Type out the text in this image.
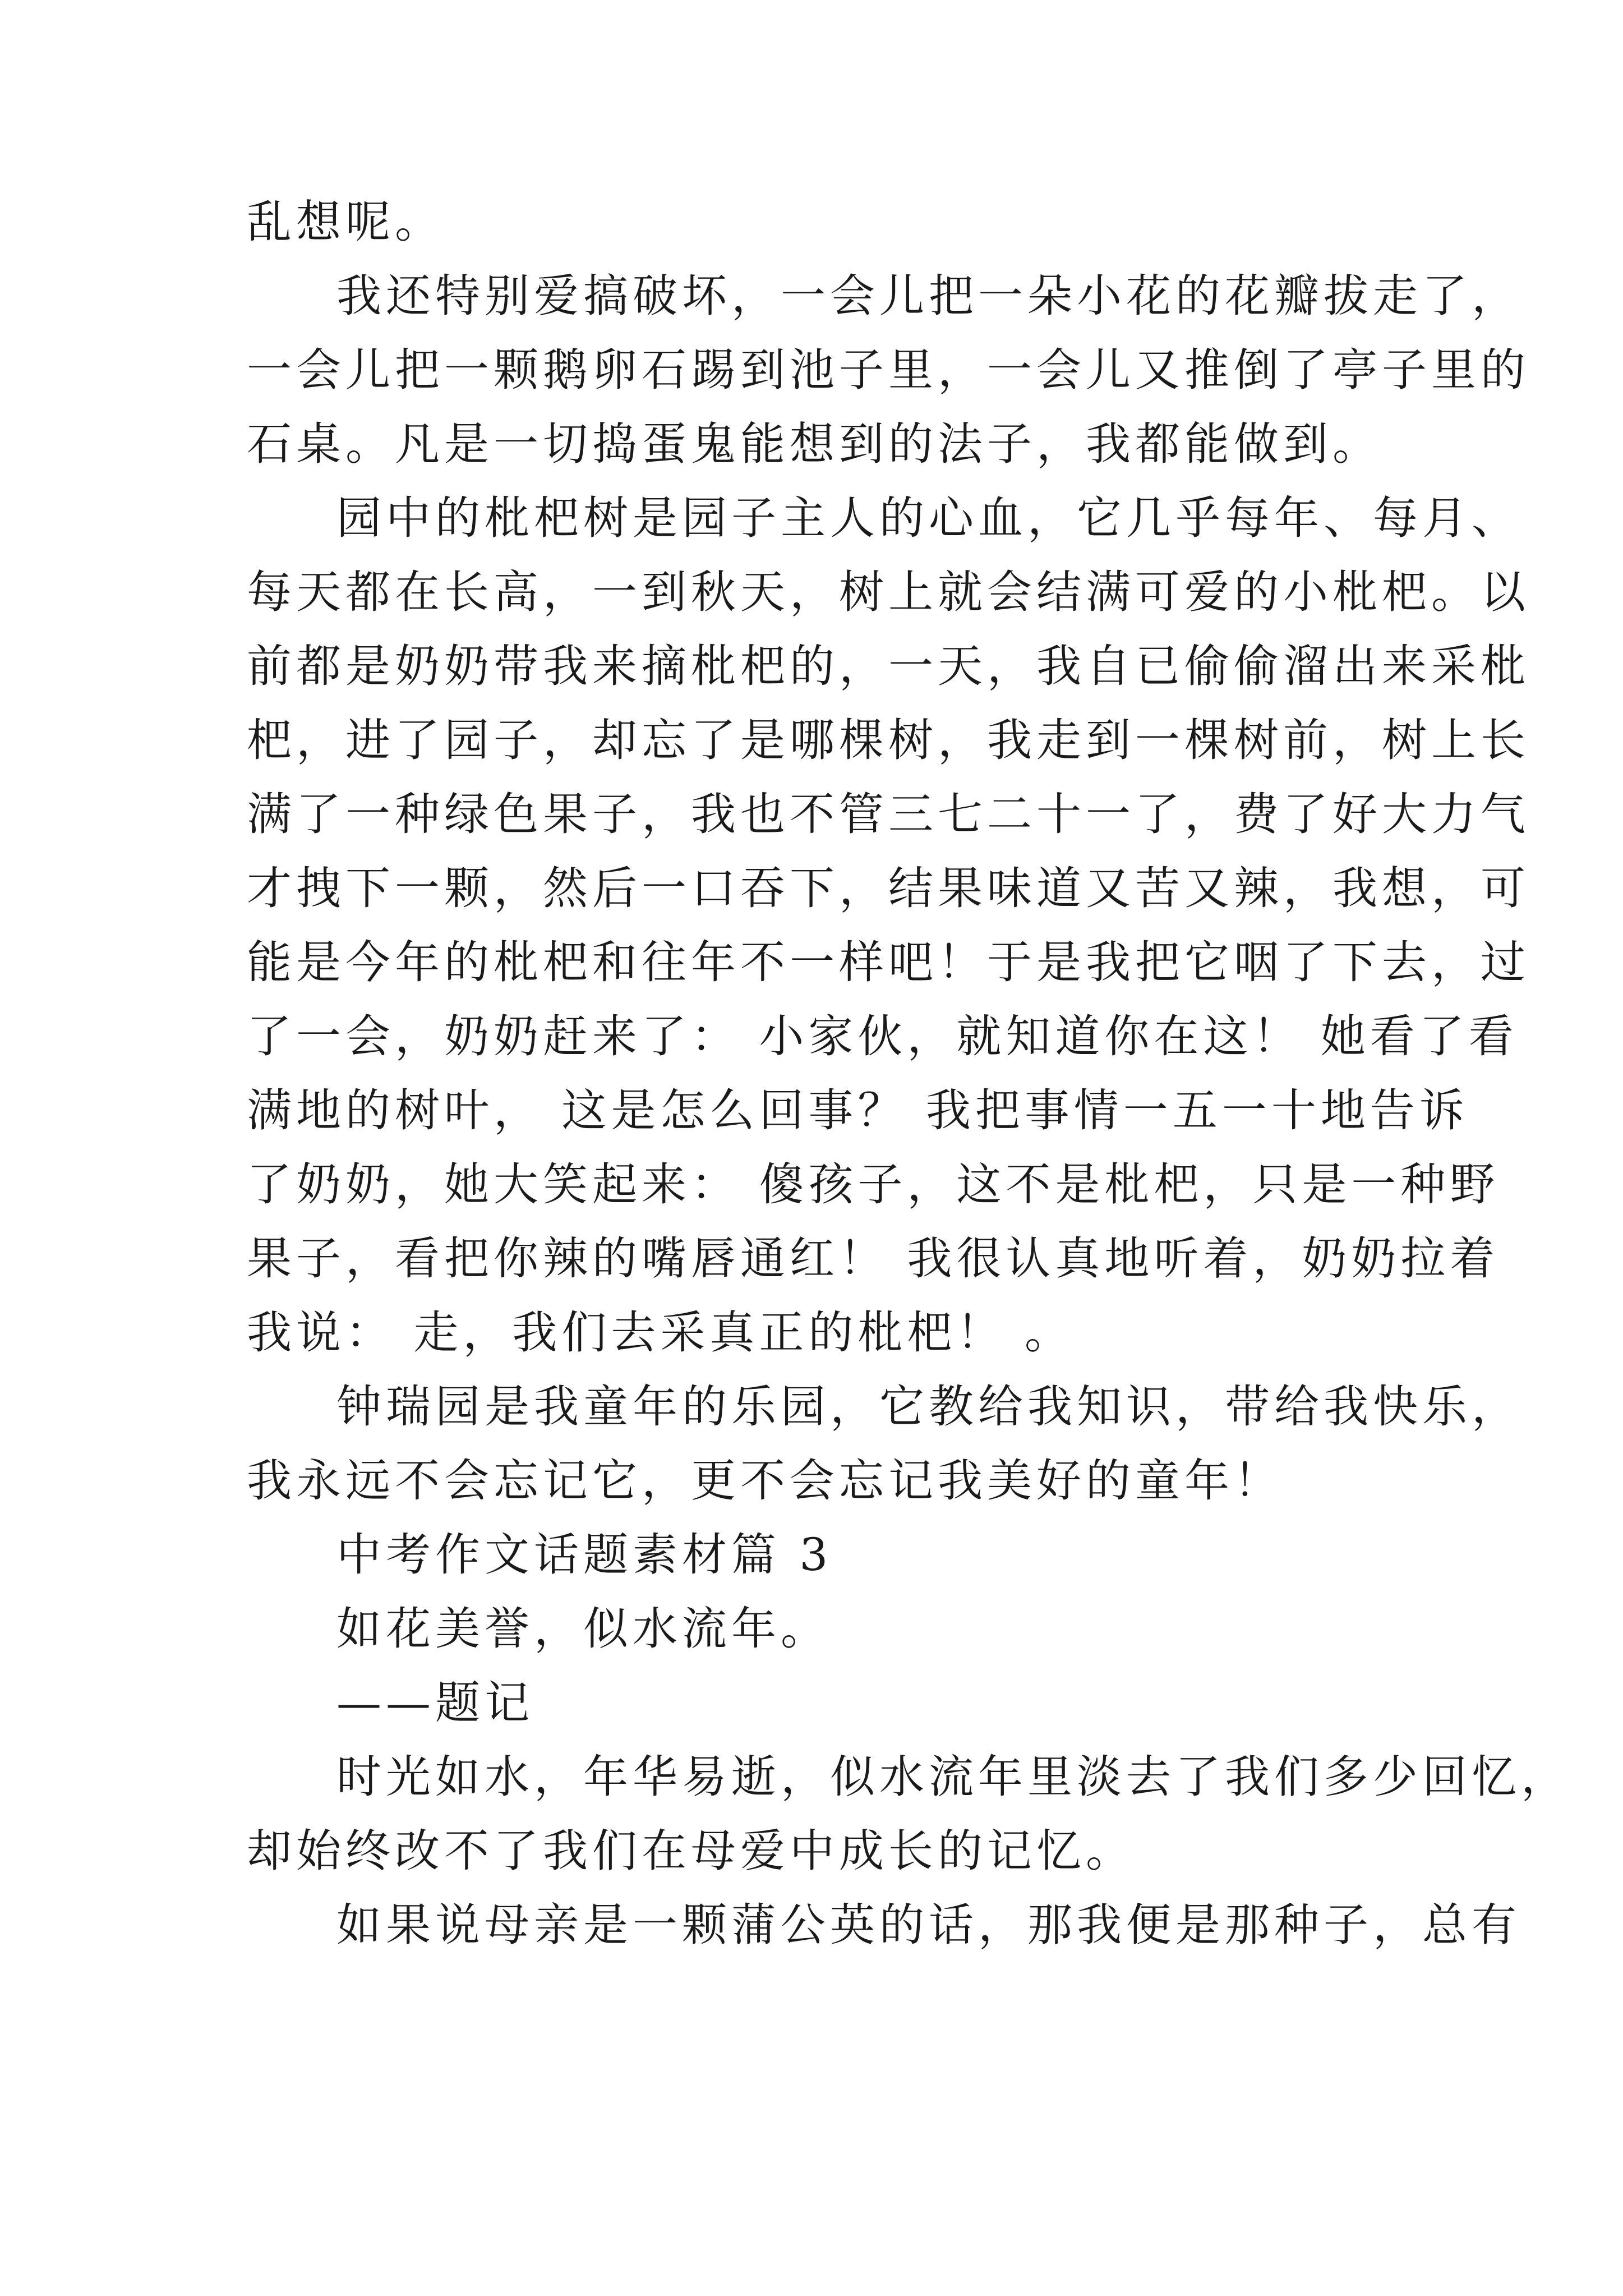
乱想呢。
我还特别爱搞破坏，一会儿把一朵小花的花瓣拔走了，
一会儿把一颗鹅卵石踢到池子里，一会儿又推倒了亭子里的
石桌。凡是一切捣蛋鬼能想到的法子，我都能做到。
园中的枇杷树是园子主人的心血，它几乎每年、每月、
每天都在长高，一到秋天，树上就会结满可爱的小枇杷。以
前都是奶奶带我来摘枇杷的，一天，我自已偷偷溜出来采枇
杷，进了园子，却忘了是哪棵树，我走到一棵树前，树上长
满了一种绿色果子，我也不管三七二十一了，费了好大力气
才拽下一颗，然后一口吞下，结果味道又苦又辣，我想，可
能是今年的枇杷和往年不一样吧！于是我把它咽了下去，过
了一会，奶奶赶来了： 小家伙，就知道你在这！ 她看了看
满地的树叶， 这是怎么回事？ 我把事情一五一十地告诉
了奶奶，她大笑起来： 傻孩子，这不是枇杷，只是一种野
果子，看把你辣的嘴唇通红！ 我很认真地听着，奶奶拉着
我说： 走，我们去采真正的枇杷！ 。
钟瑞园是我童年的乐园，它教给我知识，带给我快乐，
我永远不会忘记它，更不会忘记我美好的童年！
中考作文话题素材篇 3
如花美誉，似水流年。
——题记
时光如水，年华易逝，似水流年里淡去了我们多少回忆，
却始终改不了我们在母爱中成长的记忆。
如果说母亲是一颗蒲公英的话，那我便是那种子，总有
